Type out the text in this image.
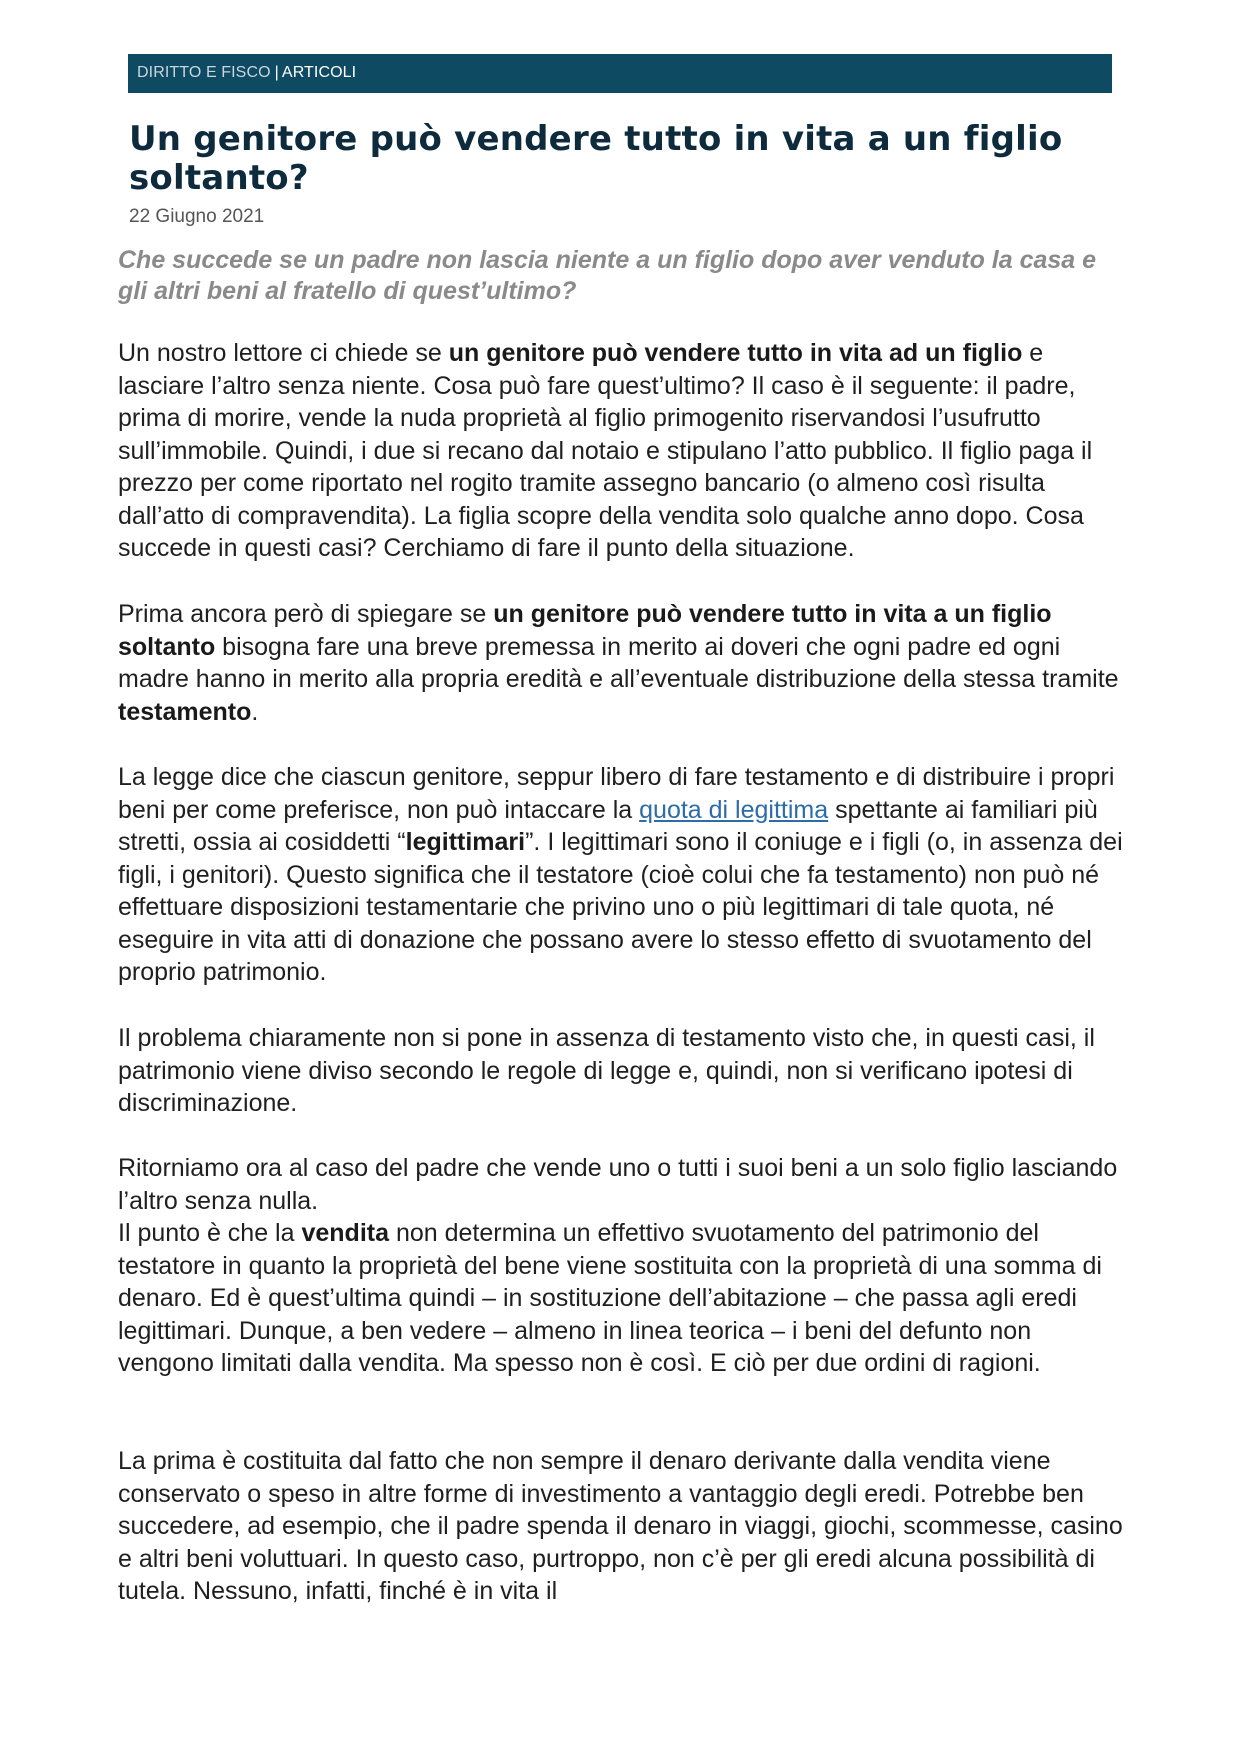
DIRITTO E FISCO | ARTICOLI
Un genitore può vendere tutto in vita a un figlio soltanto?
22 Giugno 2021

Che succede se un padre non lascia niente a un figlio dopo aver venduto la casa e gli altri beni al fratello di quest’ultimo?

Un nostro lettore ci chiede se un genitore può vendere tutto in vita ad un figlio e lasciare l’altro senza niente. Cosa può fare quest’ultimo? Il caso è il seguente: il padre, prima di morire, vende la nuda proprietà al figlio primogenito riservandosi l’usufrutto sull’immobile. Quindi, i due si recano dal notaio e stipulano l’atto pubblico. Il figlio paga il prezzo per come riportato nel rogito tramite assegno bancario (o almeno così risulta dall’atto di compravendita). La figlia scopre della vendita solo qualche anno dopo. Cosa succede in questi casi? Cerchiamo di fare il punto della situazione.

Prima ancora però di spiegare se un genitore può vendere tutto in vita a un figlio soltanto bisogna fare una breve premessa in merito ai doveri che ogni padre ed ogni madre hanno in merito alla propria eredità e all’eventuale distribuzione della stessa tramite testamento.

La legge dice che ciascun genitore, seppur libero di fare testamento e di distribuire i propri beni per come preferisce, non può intaccare la quota di legittima spettante ai familiari più stretti, ossia ai cosiddetti “legittimari”. I legittimari sono il coniuge e i figli (o, in assenza dei figli, i genitori). Questo significa che il testatore (cioè colui che fa testamento) non può né effettuare disposizioni testamentarie che privino uno o più legittimari di tale quota, né eseguire in vita atti di donazione che possano avere lo stesso effetto di svuotamento del proprio patrimonio.

Il problema chiaramente non si pone in assenza di testamento visto che, in questi casi, il patrimonio viene diviso secondo le regole di legge e, quindi, non si verificano ipotesi di discriminazione.

Ritorniamo ora al caso del padre che vende uno o tutti i suoi beni a un solo figlio lasciando l’altro senza nulla.

Il punto è che la vendita non determina un effettivo svuotamento del patrimonio del testatore in quanto la proprietà del bene viene sostituita con la proprietà di una somma di denaro. Ed è quest’ultima quindi – in sostituzione dell’abitazione – che passa agli eredi legittimari. Dunque, a ben vedere – almeno in linea teorica – i beni del defunto non vengono limitati dalla vendita. Ma spesso non è così. E ciò per due ordini di ragioni.

La prima è costituita dal fatto che non sempre il denaro derivante dalla vendita viene conservato o speso in altre forme di investimento a vantaggio degli eredi. Potrebbe ben succedere, ad esempio, che il padre spenda il denaro in viaggi, giochi, scommesse, casino e altri beni voluttuari. In questo caso, purtroppo, non c’è per gli eredi alcuna possibilità di tutela. Nessuno, infatti, finché è in vita il
